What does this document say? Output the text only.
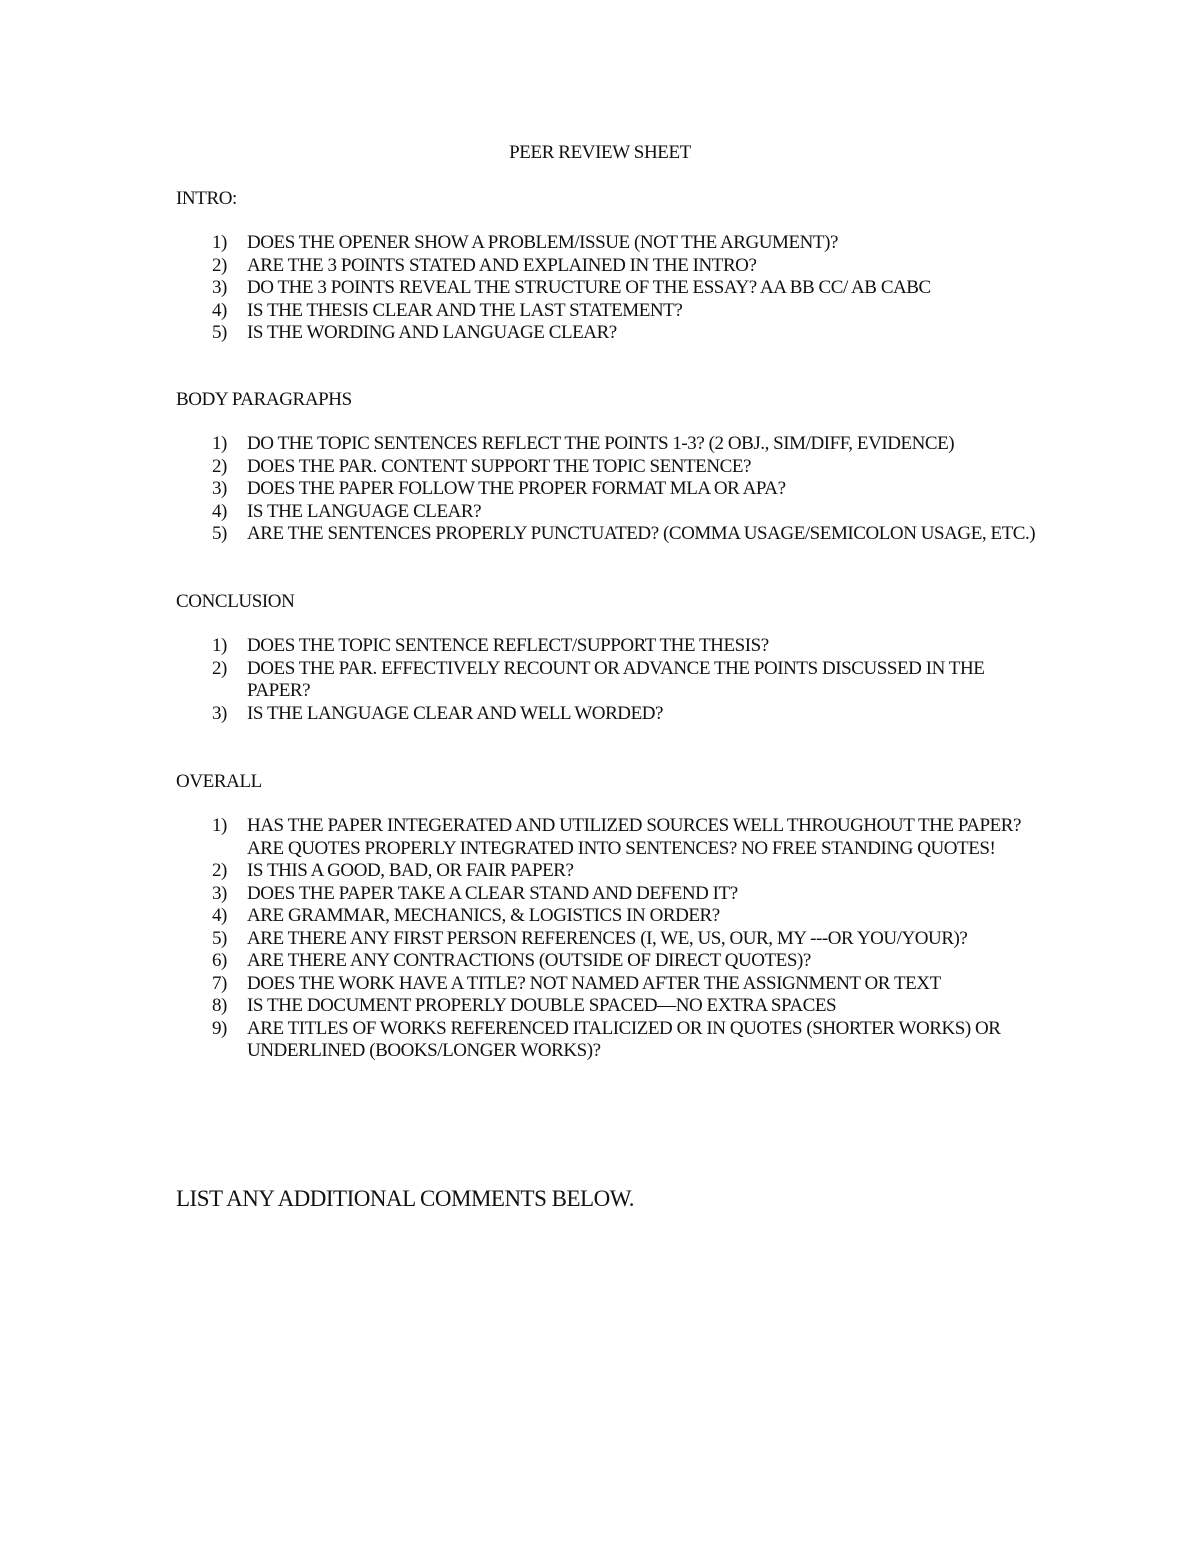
PEER REVIEW SHEET
INTRO:
1) DOES THE OPENER SHOW A PROBLEM/ISSUE (NOT THE ARGUMENT)?
2) ARE THE 3 POINTS STATED AND EXPLAINED IN THE INTRO?
3) DO THE 3 POINTS REVEAL THE STRUCTURE OF THE ESSAY? AA BB CC/ AB CABC
4) IS THE THESIS CLEAR AND THE LAST STATEMENT?
5) IS THE WORDING AND LANGUAGE CLEAR?
BODY PARAGRAPHS
1) DO THE TOPIC SENTENCES REFLECT THE POINTS 1-3? (2 OBJ., SIM/DIFF, EVIDENCE)
2) DOES THE PAR. CONTENT SUPPORT THE TOPIC SENTENCE?
3) DOES THE PAPER FOLLOW THE PROPER FORMAT MLA OR APA?
4) IS THE LANGUAGE CLEAR?
5) ARE THE SENTENCES PROPERLY PUNCTUATED? (COMMA USAGE/SEMICOLON USAGE, ETC.)
CONCLUSION
1) DOES THE TOPIC SENTENCE REFLECT/SUPPORT THE THESIS?
2) DOES THE PAR. EFFECTIVELY RECOUNT OR ADVANCE THE POINTS DISCUSSED IN THE PAPER?
3) IS THE LANGUAGE CLEAR AND WELL WORDED?
OVERALL
1) HAS THE PAPER INTEGERATED AND UTILIZED SOURCES WELL THROUGHOUT THE PAPER? ARE QUOTES PROPERLY INTEGRATED INTO SENTENCES? NO FREE STANDING QUOTES!
2) IS THIS A GOOD, BAD, OR FAIR PAPER?
3) DOES THE PAPER TAKE A CLEAR STAND AND DEFEND IT?
4) ARE GRAMMAR, MECHANICS, & LOGISTICS IN ORDER?
5) ARE THERE ANY FIRST PERSON REFERENCES (I, WE, US, OUR, MY ---OR YOU/YOUR)?
6) ARE THERE ANY CONTRACTIONS (OUTSIDE OF DIRECT QUOTES)?
7) DOES THE WORK HAVE A TITLE? NOT NAMED AFTER THE ASSIGNMENT OR TEXT
8) IS THE DOCUMENT PROPERLY DOUBLE SPACED—NO EXTRA SPACES
9) ARE TITLES OF WORKS REFERENCED ITALICIZED OR IN QUOTES (SHORTER WORKS) OR UNDERLINED (BOOKS/LONGER WORKS)?
LIST ANY ADDITIONAL COMMENTS BELOW.
